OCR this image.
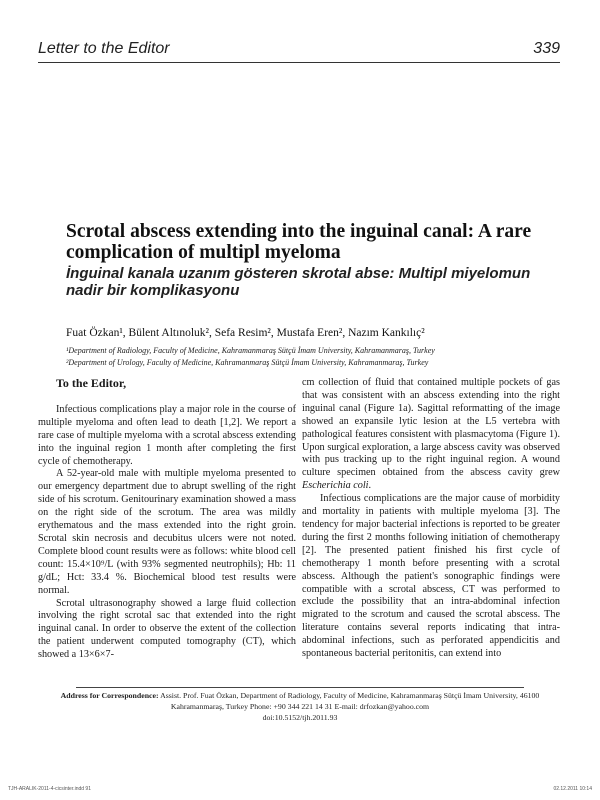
Letter to the Editor	339
Scrotal abscess extending into the inguinal canal: A rare complication of multipl myeloma
İnguinal kanala uzanım gösteren skrotal abse: Multipl miyelomun nadir bir komplikasyonu
Fuat Özkan¹, Bülent Altınoluk², Sefa Resim², Mustafa Eren², Nazım Kankılıç²
¹Department of Radiology, Faculty of Medicine, Kahramanmaraş Sütçü İmam University, Kahramanmaraş, Turkey
²Department of Urology, Faculty of Medicine, Kahramanmaraş Sütçü İmam University, Kahramanmaraş, Turkey

To the Editor,

Infectious complications play a major role in the course of multiple myeloma and often lead to death [1,2]. We report a rare case of multiple myeloma with a scrotal abscess extending into the inguinal region 1 month after completing the first cycle of chemotherapy.

A 52-year-old male with multiple myeloma presented to our emergency department due to abrupt swelling of the right side of his scrotum. Genitourinary examination showed a mass on the right side of the scrotum. The area was mildly erythematous and the mass extended into the right groin. Scrotal skin necrosis and decubitus ulcers were not noted. Complete blood count results were as follows: white blood cell count: 15.4×10⁹/L (with 93% segmented neutrophils); Hb: 11 g/dL; Hct: 33.4 %. Biochemical blood test results were normal.

Scrotal ultrasonography showed a large fluid collection involving the right scrotal sac that extended into the right inguinal canal. In order to observe the extent of the collection the patient underwent computed tomography (CT), which showed a 13×6×7-

cm collection of fluid that contained multiple pockets of gas that was consistent with an abscess extending into the right inguinal canal (Figure 1a). Sagittal reformatting of the image showed an expansile lytic lesion at the L5 vertebra with pathological features consistent with plasmacytoma (Figure 1). Upon surgical exploration, a large abscess cavity was observed with pus tracking up to the right inguinal region. A wound culture specimen obtained from the abscess cavity grew Escherichia coli.

Infectious complications are the major cause of morbidity and mortality in patients with multiple myeloma [3]. The tendency for major bacterial infections is reported to be greater during the first 2 months following initiation of chemotherapy [2]. The presented patient finished his first cycle of chemotherapy 1 month before presenting with a scrotal abscess. Although the patient's sonographic findings were compatible with a scrotal abscess, CT was performed to exclude the possibility that an intra-abdominal infection migrated to the scrotum and caused the scrotal abscess. The literature contains several reports indicating that intra-abdominal infections, such as perforated appendicitis and spontaneous bacterial peritonitis, can extend into

Address for Correspondence: Assist. Prof. Fuat Özkan, Department of Radiology, Faculty of Medicine, Kahramanmaraş Sütçü İmam University, 46100 Kahramanmaraş, Turkey Phone: +90 344 221 14 31 E-mail: drfozkan@yahoo.com
doi:10.5152/tjh.2011.93
TJH-ARALIK-2011-4-cicsinter.indd 91	02.12.2011 10:14
